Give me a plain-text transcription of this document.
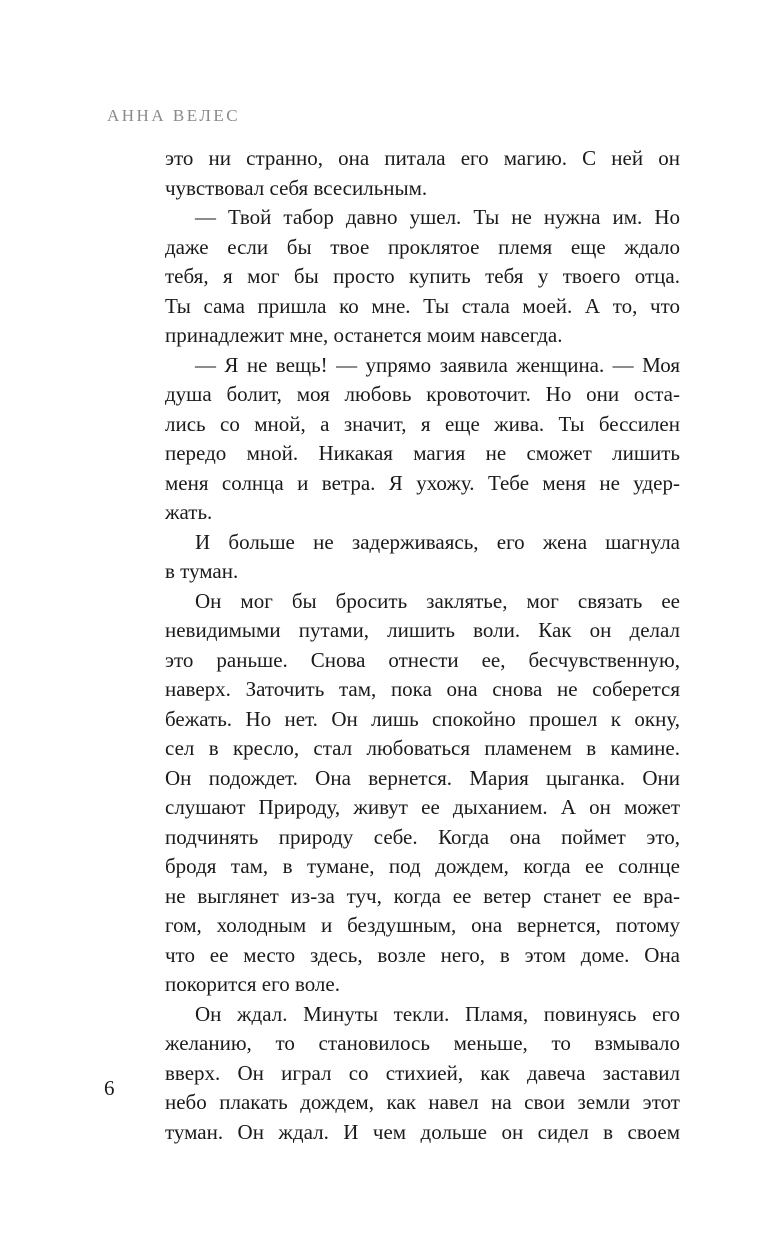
АННА ВЕЛЕС
это ни странно, она питала его магию. С ней он
чувствовал себя всесильным.
— Твой табор давно ушел. Ты не нужна им. Но
даже если бы твое проклятое племя еще ждало
тебя, я мог бы просто купить тебя у твоего отца.
Ты сама пришла ко мне. Ты стала моей. А то, что
принадлежит мне, останется моим навсегда.
— Я не вещь! — упрямо заявила женщина. — Моя
душа болит, моя любовь кровоточит. Но они оста-
лись со мной, а значит, я еще жива. Ты бессилен
передо мной. Никакая магия не сможет лишить
меня солнца и ветра. Я ухожу. Тебе меня не удер-
жать.
И больше не задерживаясь, его жена шагнула
в туман.
Он мог бы бросить заклятье, мог связать ее
невидимыми путами, лишить воли. Как он делал
это раньше. Снова отнести ее, бесчувственную,
наверх. Заточить там, пока она снова не соберется
бежать. Но нет. Он лишь спокойно прошел к окну,
сел в кресло, стал любоваться пламенем в камине.
Он подождет. Она вернется. Мария цыганка. Они
слушают Природу, живут ее дыханием. А он может
подчинять природу себе. Когда она поймет это,
бродя там, в тумане, под дождем, когда ее солнце
не выглянет из-за туч, когда ее ветер станет ее вра-
гом, холодным и бездушным, она вернется, потому
что ее место здесь, возле него, в этом доме. Она
покорится его воле.
Он ждал. Минуты текли. Пламя, повинуясь его
желанию, то становилось меньше, то взмывало
вверх. Он играл со стихией, как давеча заставил
небо плакать дождем, как навел на свои земли этот
туман. Он ждал. И чем дольше он сидел в своем
6
